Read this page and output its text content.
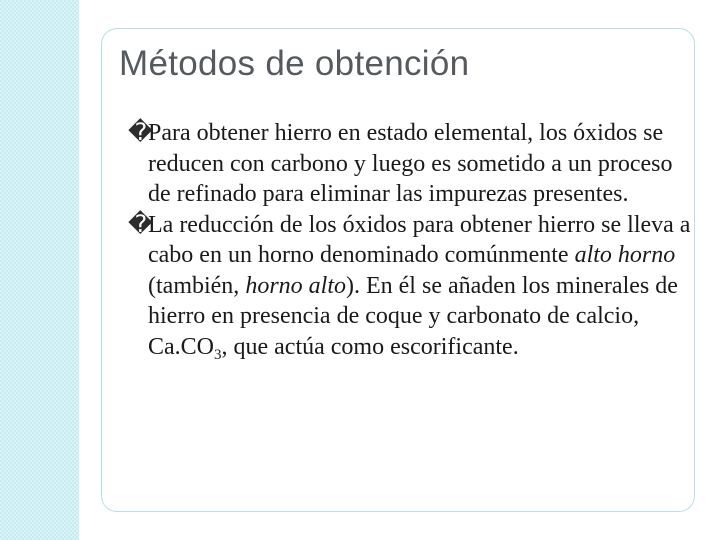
Métodos de obtención

�
Para obtener hierro en estado elemental, los óxidos se reducen con carbono y luego es sometido a un proceso de refinado para eliminar las impurezas presentes.

�
La reducción de los óxidos para obtener hierro se lleva a cabo en un horno denominado comúnmente alto horno (también, horno alto). En él se añaden los minerales de hierro en presencia de coque y carbonato de calcio, $Ca.CO_3$, que actúa como escorificante.
